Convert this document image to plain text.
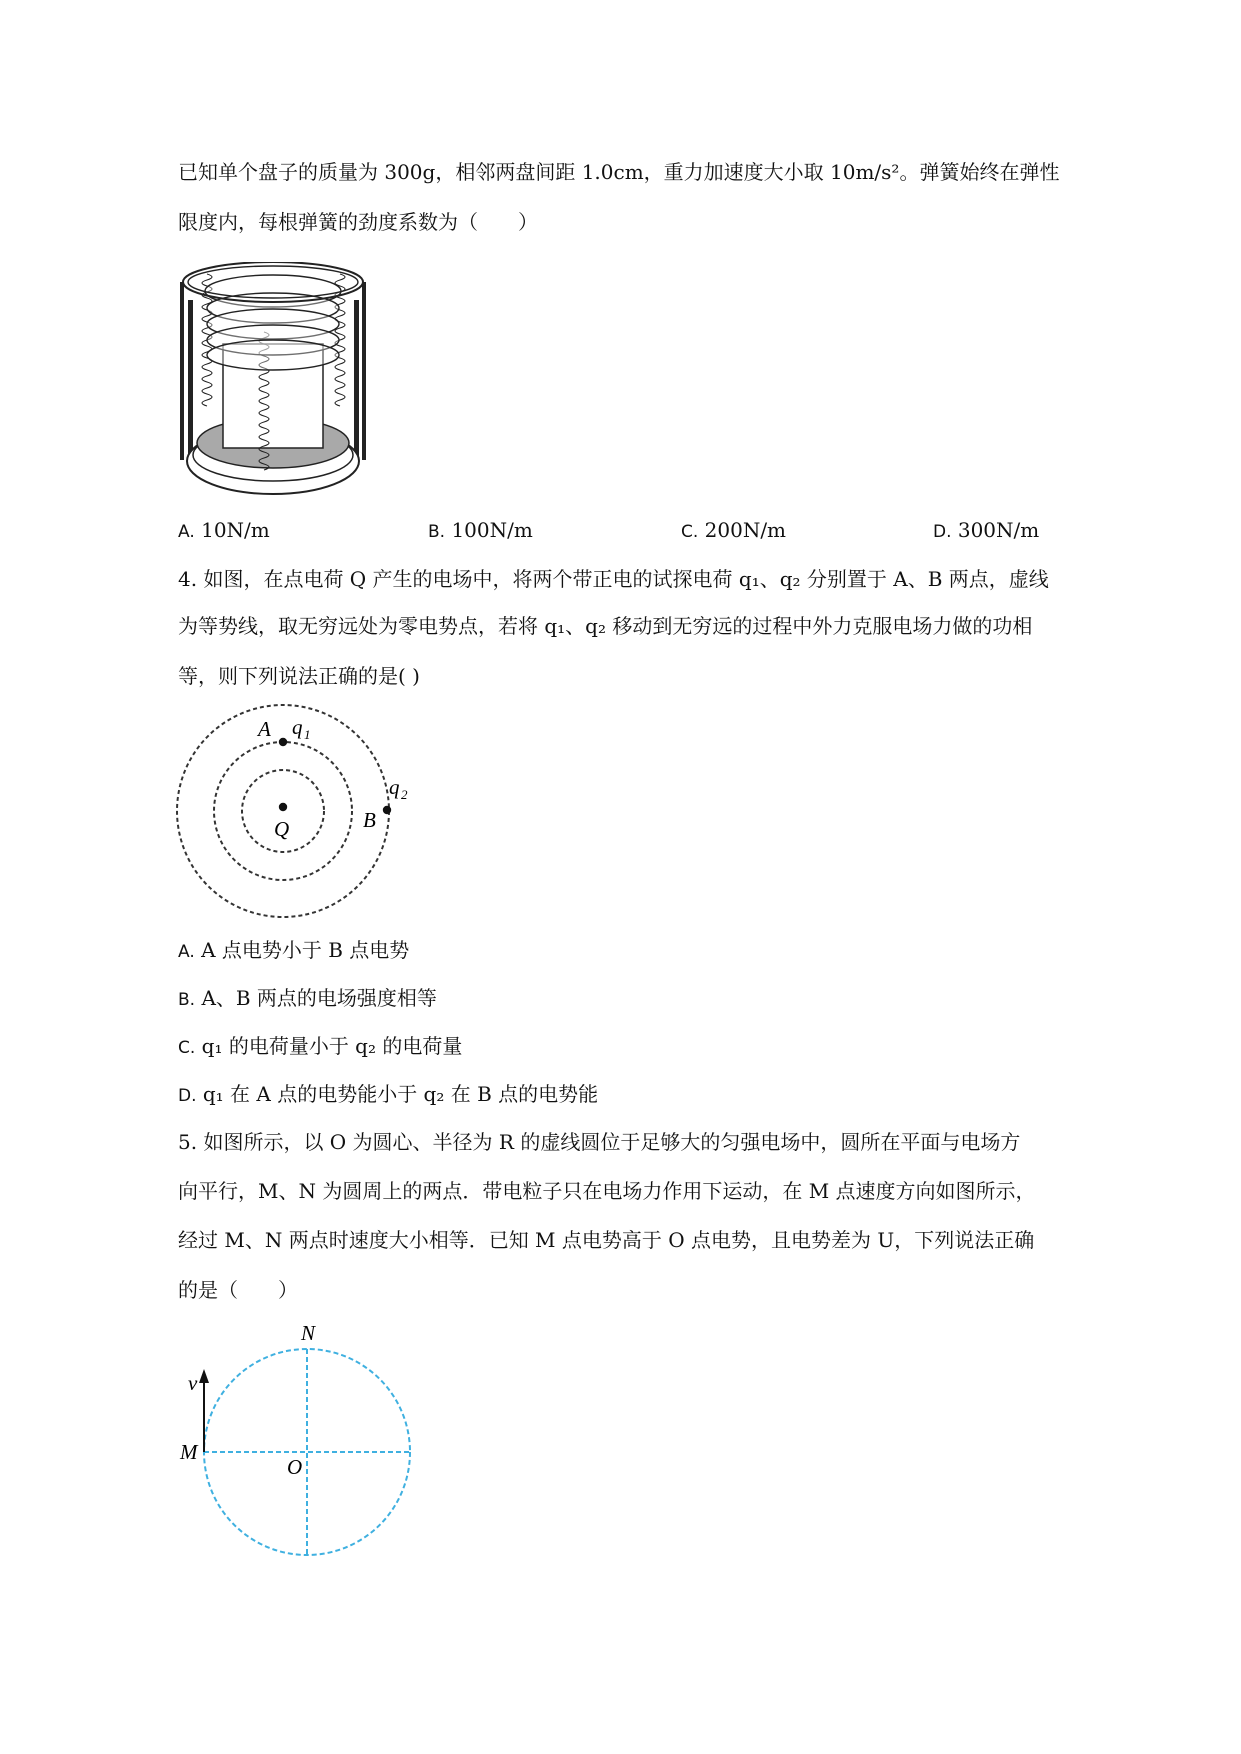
已知单个盘子的质量为 300g，相邻两盘间距 1.0cm，重力加速度大小取 10m/s²。弹簧始终在弹性
限度内，每根弹簧的劲度系数为（　　）
A. 10N/m	B. 100N/m	C. 200N/m	D. 300N/m
4. 如图，在点电荷 Q 产生的电场中，将两个带正电的试探电荷 q₁、q₂ 分别置于 A、B 两点，虚线
为等势线，取无穷远处为零电势点，若将 q₁、q₂ 移动到无穷远的过程中外力克服电场力做的功相
等，则下列说法正确的是( )
A q 1
q 2
B
Q
A. A 点电势小于 B 点电势
B. A、B 两点的电场强度相等
C. q₁ 的电荷量小于 q₂ 的电荷量
D. q₁ 在 A 点的电势能小于 q₂ 在 B 点的电势能
5. 如图所示，以 O 为圆心、半径为 R 的虚线圆位于足够大的匀强电场中，圆所在平面与电场方
向平行，M、N 为圆周上的两点．带电粒子只在电场力作用下运动，在 M 点速度方向如图所示，
经过 M、N 两点时速度大小相等．已知 M 点电势高于 O 点电势，且电势差为 U，下列说法正确
的是（　　）
N
v
M
O
